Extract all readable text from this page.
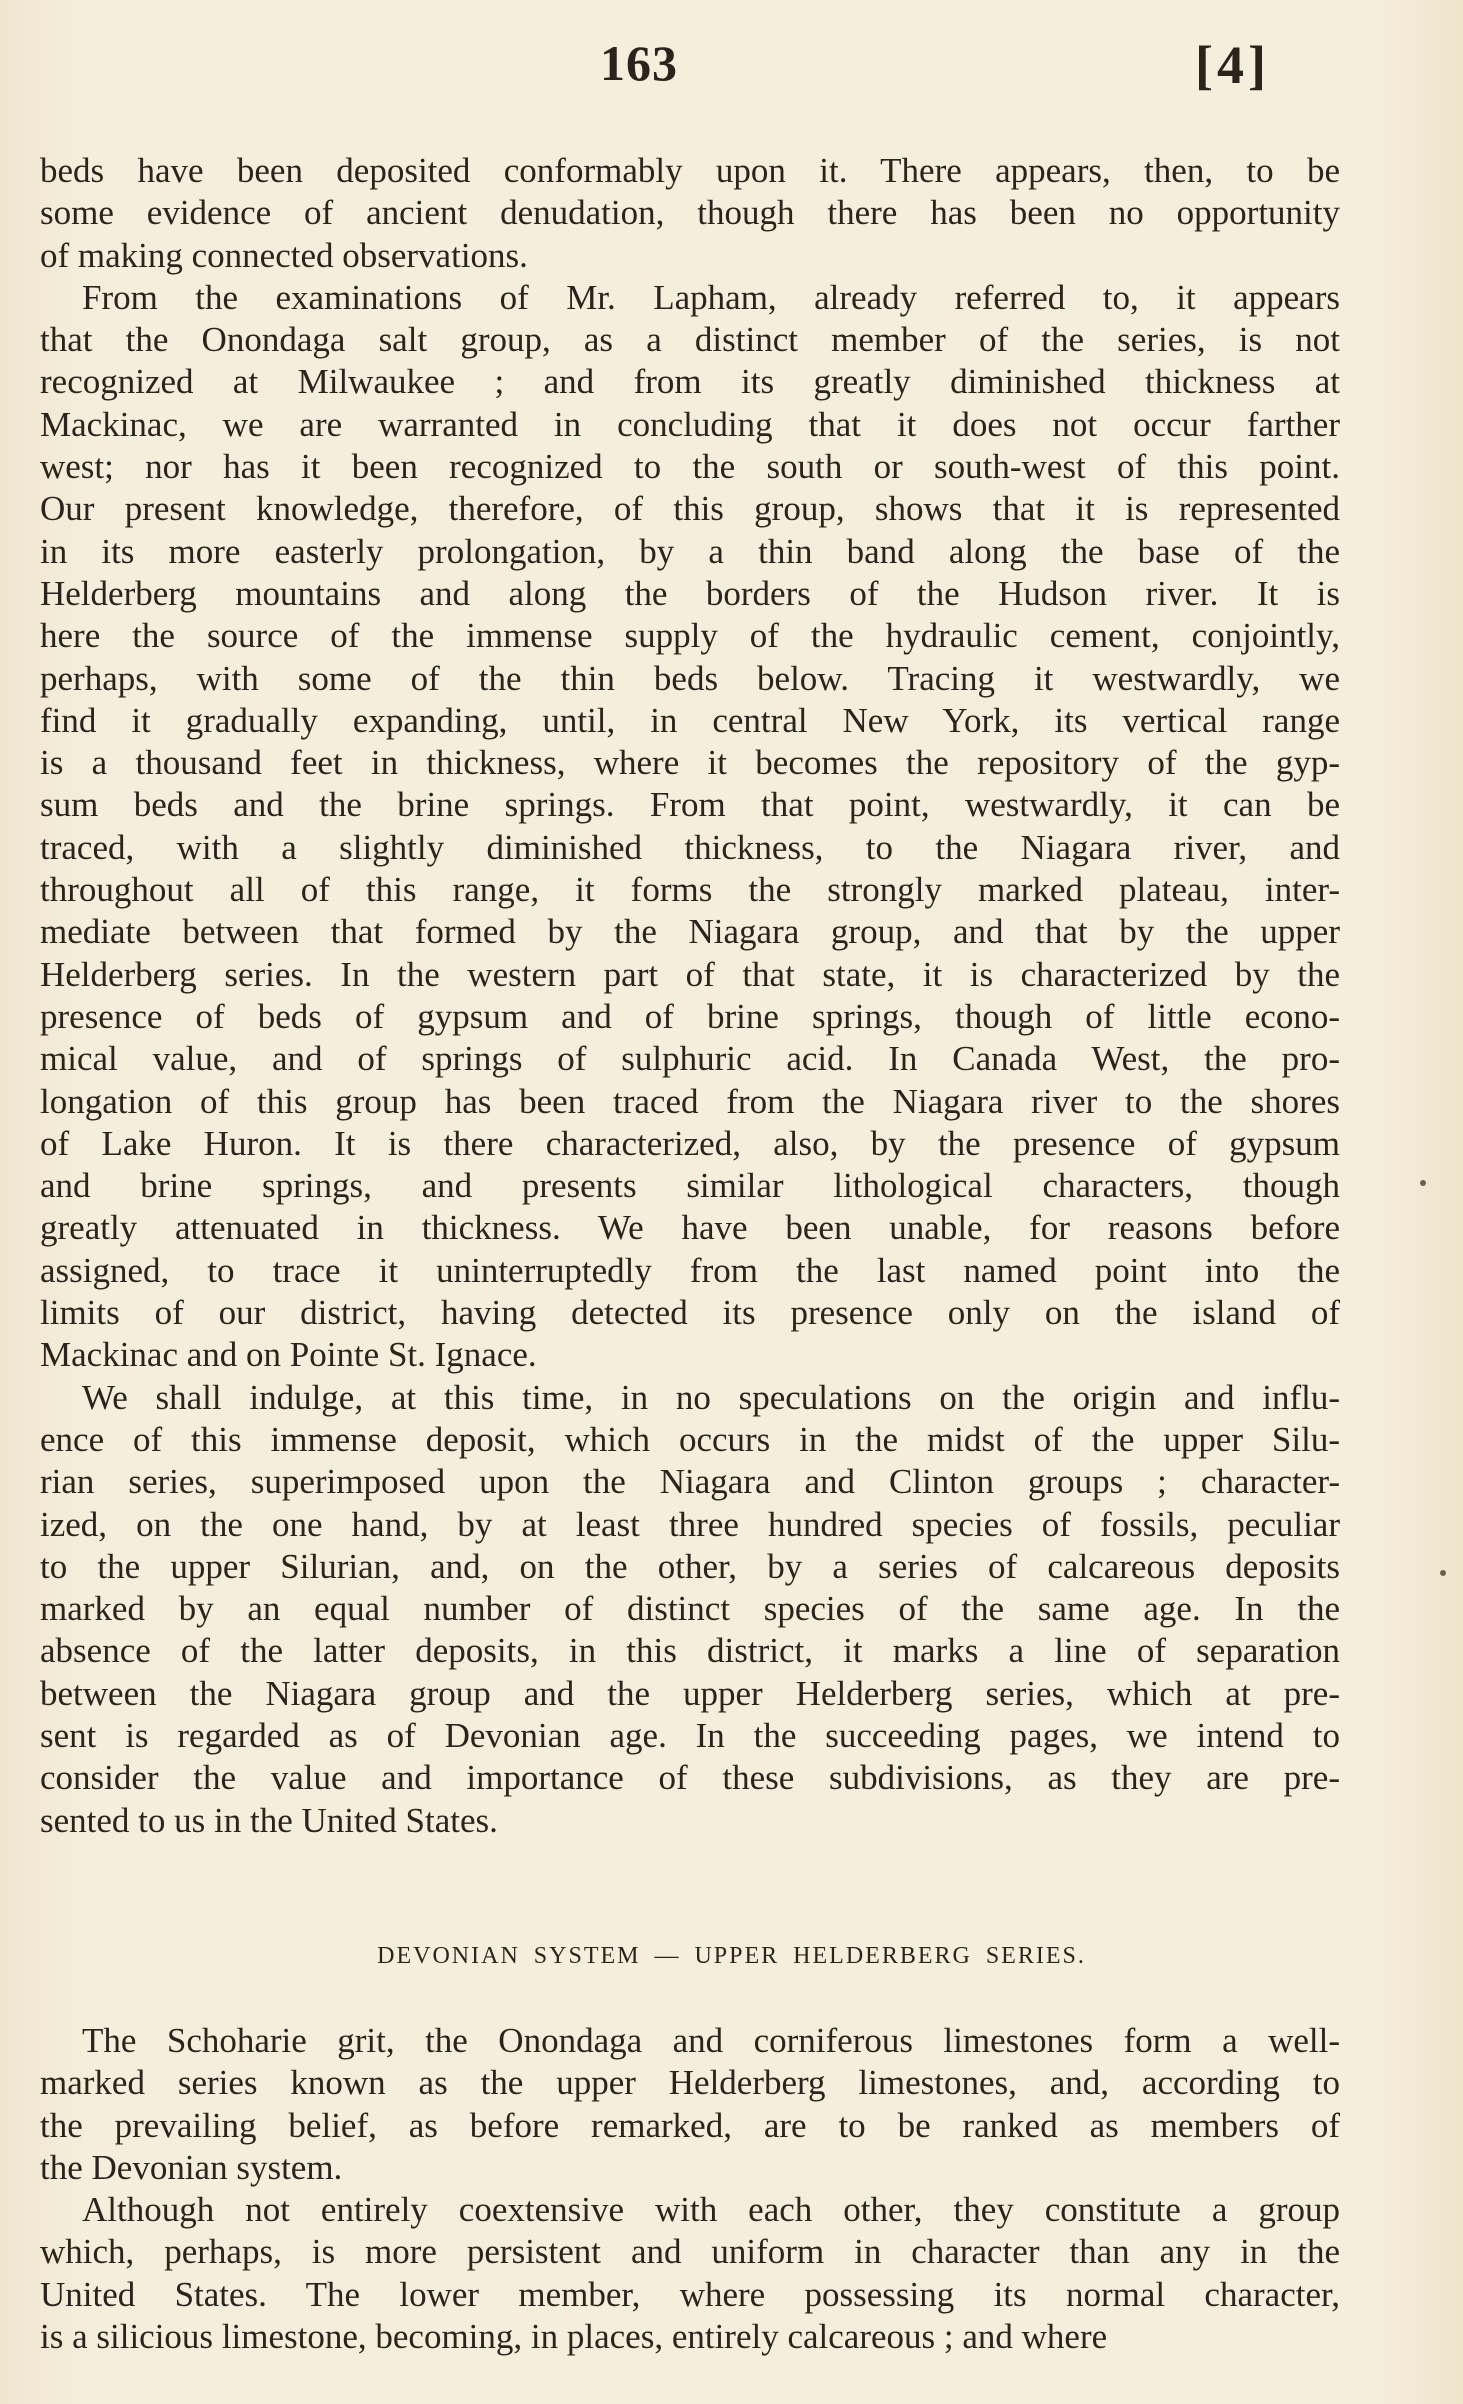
163	[4]
beds have been deposited conformably upon it. There appears, then, to be
some evidence of ancient denudation, though there has been no opportunity
of making connected observations.
From the examinations of Mr. Lapham, already referred to, it appears
that the Onondaga salt group, as a distinct member of the series, is not
recognized at Milwaukee ; and from its greatly diminished thickness at
Mackinac, we are warranted in concluding that it does not occur farther
west; nor has it been recognized to the south or south-west of this point.
Our present knowledge, therefore, of this group, shows that it is represented
in its more easterly prolongation, by a thin band along the base of the
Helderberg mountains and along the borders of the Hudson river. It is
here the source of the immense supply of the hydraulic cement, conjointly,
perhaps, with some of the thin beds below. Tracing it westwardly, we
find it gradually expanding, until, in central New York, its vertical range
is a thousand feet in thickness, where it becomes the repository of the gyp-
sum beds and the brine springs. From that point, westwardly, it can be
traced, with a slightly diminished thickness, to the Niagara river, and
throughout all of this range, it forms the strongly marked plateau, inter-
mediate between that formed by the Niagara group, and that by the upper
Helderberg series. In the western part of that state, it is characterized by the
presence of beds of gypsum and of brine springs, though of little econo-
mical value, and of springs of sulphuric acid. In Canada West, the pro-
longation of this group has been traced from the Niagara river to the shores
of Lake Huron. It is there characterized, also, by the presence of gypsum
and brine springs, and presents similar lithological characters, though
greatly attenuated in thickness. We have been unable, for reasons before
assigned, to trace it uninterruptedly from the last named point into the
limits of our district, having detected its presence only on the island of
Mackinac and on Pointe St. Ignace.
We shall indulge, at this time, in no speculations on the origin and influ-
ence of this immense deposit, which occurs in the midst of the upper Silu-
rian series, superimposed upon the Niagara and Clinton groups ; character-
ized, on the one hand, by at least three hundred species of fossils, peculiar
to the upper Silurian, and, on the other, by a series of calcareous deposits
marked by an equal number of distinct species of the same age. In the
absence of the latter deposits, in this district, it marks a line of separation
between the Niagara group and the upper Helderberg series, which at pre-
sent is regarded as of Devonian age. In the succeeding pages, we intend to
consider the value and importance of these subdivisions, as they are pre-
sented to us in the United States.
DEVONIAN SYSTEM — UPPER HELDERBERG SERIES.
The Schoharie grit, the Onondaga and corniferous limestones form a well-
marked series known as the upper Helderberg limestones, and, according to
the prevailing belief, as before remarked, are to be ranked as members of
the Devonian system.
Although not entirely coextensive with each other, they constitute a group
which, perhaps, is more persistent and uniform in character than any in the
United States. The lower member, where possessing its normal character,
is a silicious limestone, becoming, in places, entirely calcareous ; and where
